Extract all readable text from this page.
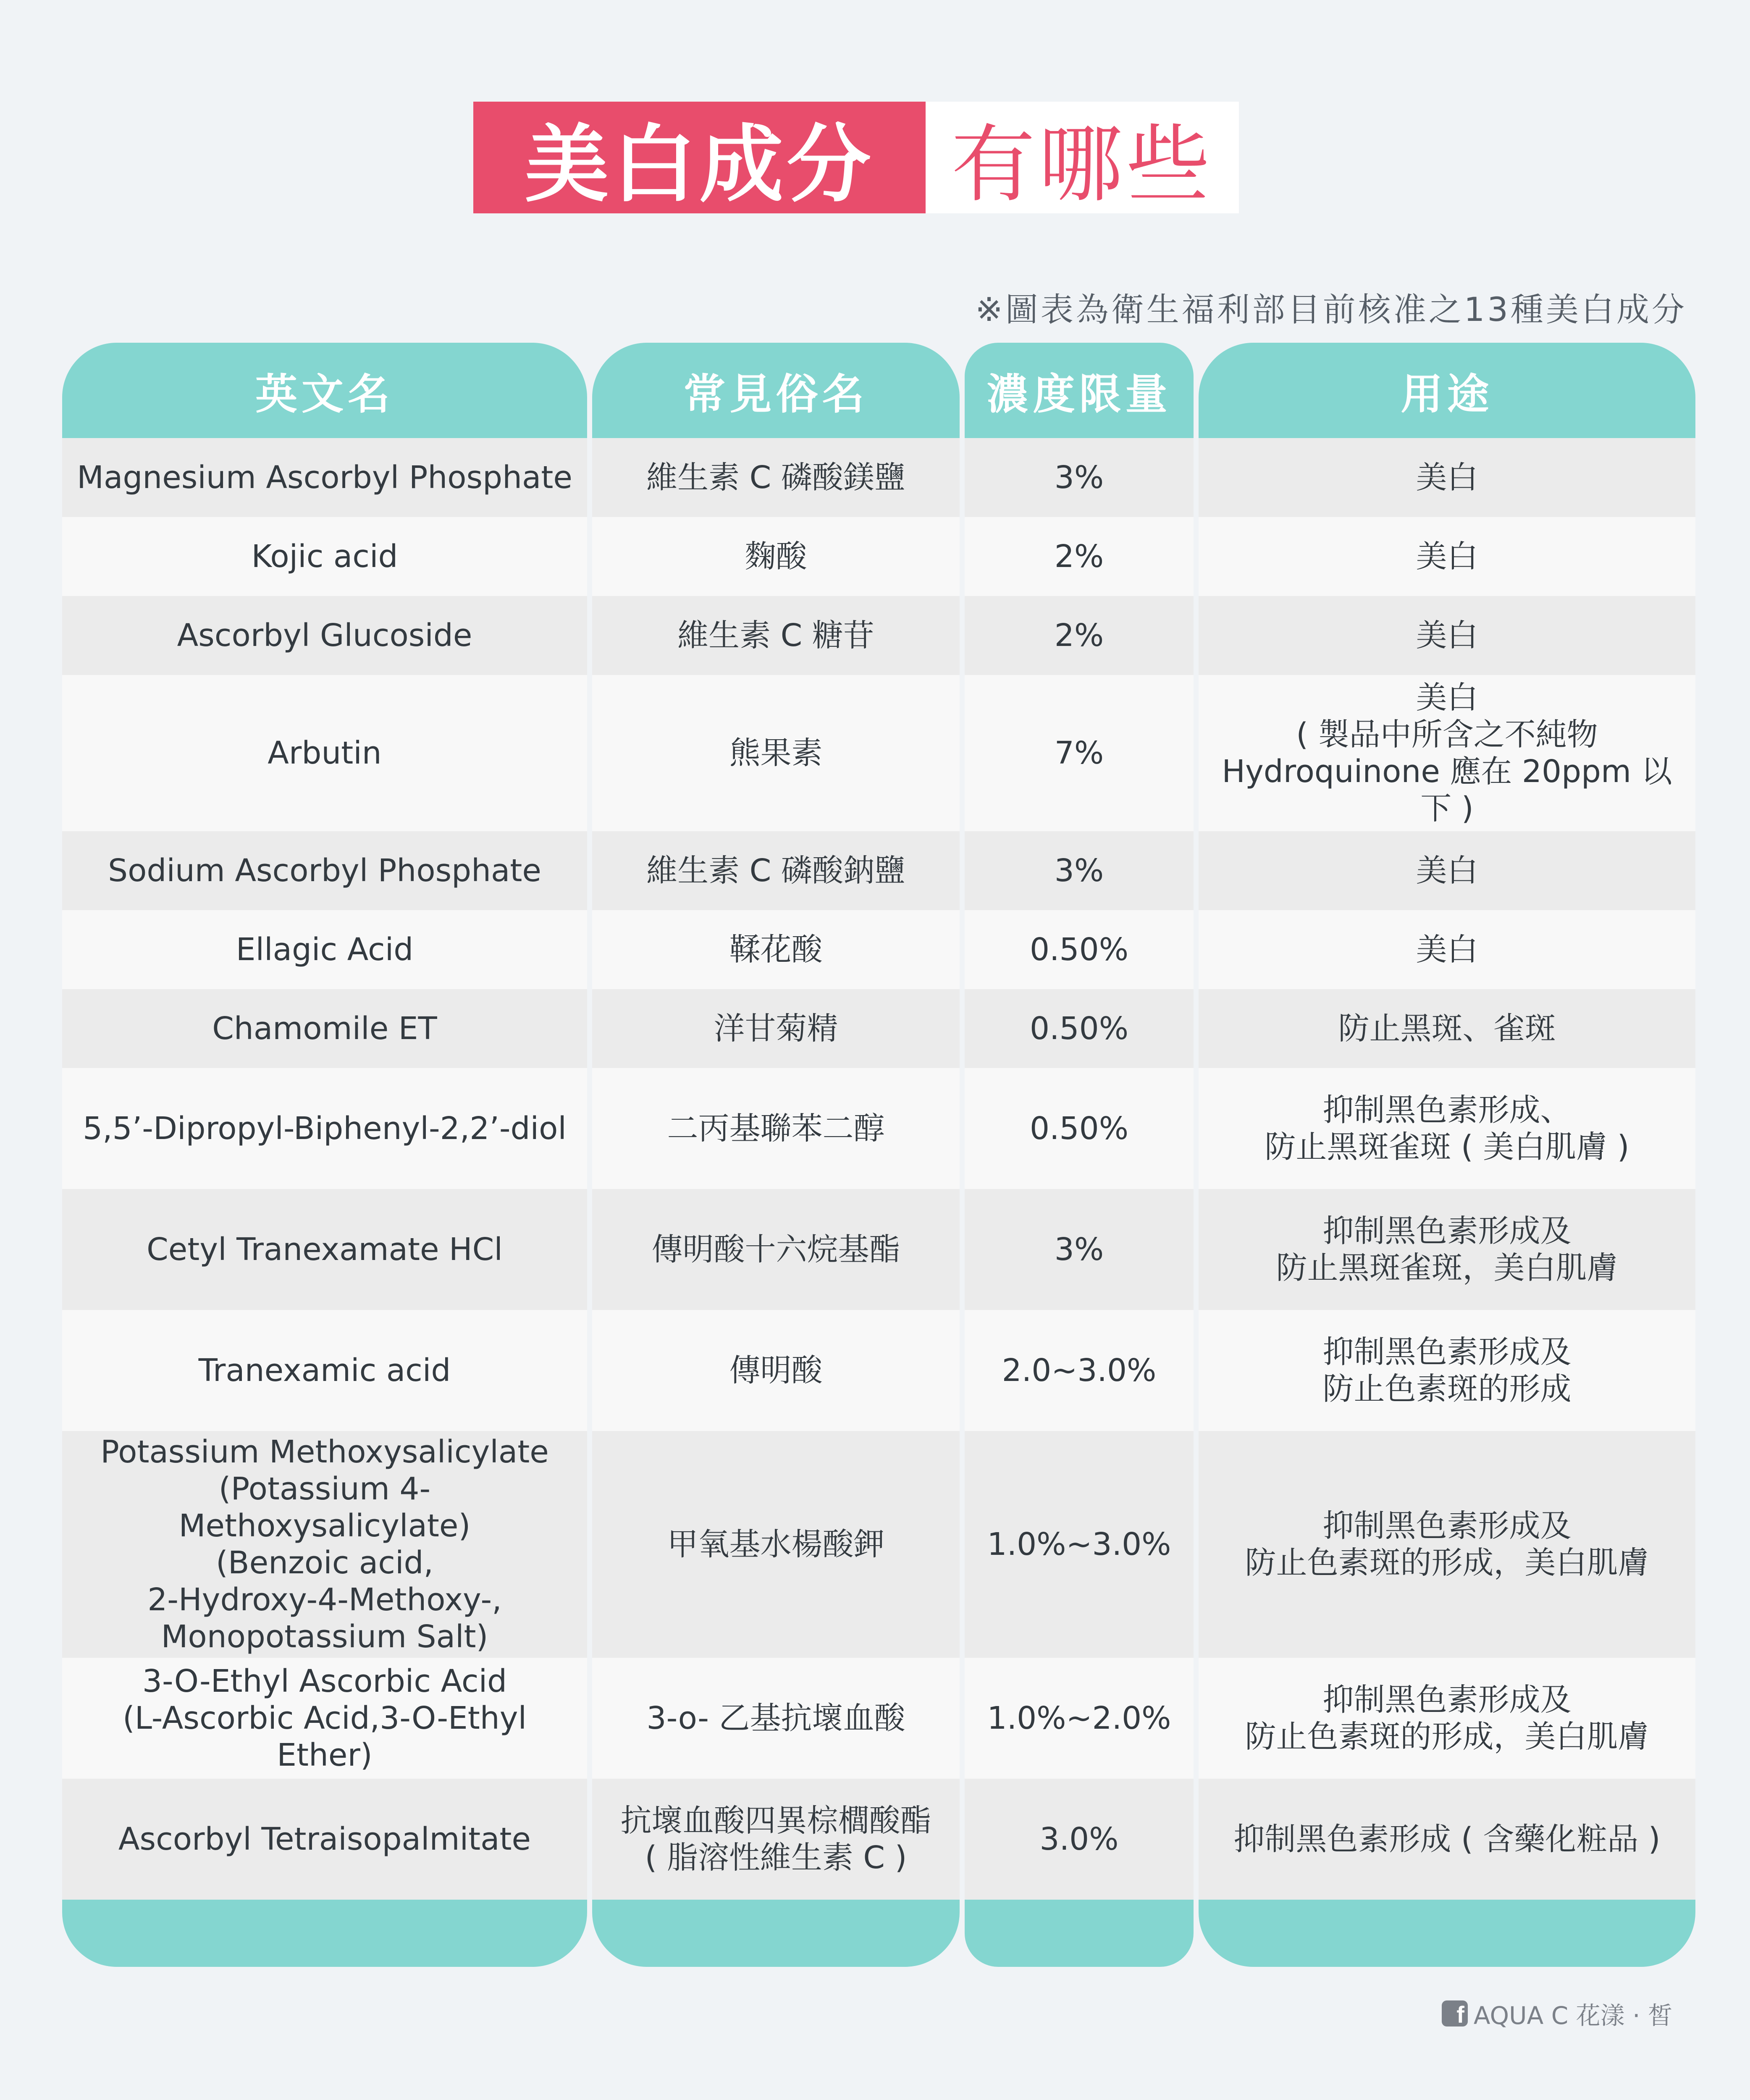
美白成分 有哪些
※圖表為衛生福利部目前核准之13種美白成分
英文名
Magnesium Ascorbyl Phosphate
Kojic acid
Ascorbyl Glucoside
Arbutin
Sodium Ascorbyl Phosphate
Ellagic Acid
Chamomile ET
5,5’-Dipropyl-Biphenyl-2,2’-diol
Cetyl Tranexamate HCl
Tranexamic acid
Potassium Methoxysalicylate
(Potassium 4-Methoxysalicylate)
(Benzoic acid,
2-Hydroxy-4-Methoxy-,
Monopotassium Salt)
3-O-Ethyl Ascorbic Acid
(L-Ascorbic Acid,3-O-Ethyl Ether)
Ascorbyl Tetraisopalmitate
常見俗名
維生素 C 磷酸鎂鹽
麴酸
維生素 C 糖苷
熊果素
維生素 C 磷酸鈉鹽
鞣花酸
洋甘菊精
二丙基聯苯二醇
傳明酸十六烷基酯
傳明酸
甲氧基水楊酸鉀
3-o- 乙基抗壞血酸
抗壞血酸四異棕櫚酸酯
( 脂溶性維生素 C )
濃度限量
3%
2%
2%
7%
3%
0.50%
0.50%
0.50%
3%
2.0~3.0%
1.0%~3.0%
1.0%~2.0%
3.0%
用途
美白
美白
美白
美白
( 製品中所含之不純物
Hydroquinone 應在 20ppm 以下 )
美白
美白
防止黑斑、雀斑
抑制黑色素形成、
防止黑斑雀斑 ( 美白肌膚 )
抑制黑色素形成及
防止黑斑雀斑，美白肌膚
抑制黑色素形成及
防止色素斑的形成
抑制黑色素形成及
防止色素斑的形成，美白肌膚
抑制黑色素形成及
防止色素斑的形成，美白肌膚
抑制黑色素形成 ( 含藥化粧品 )
f AQUA C 花漾 · 皙
